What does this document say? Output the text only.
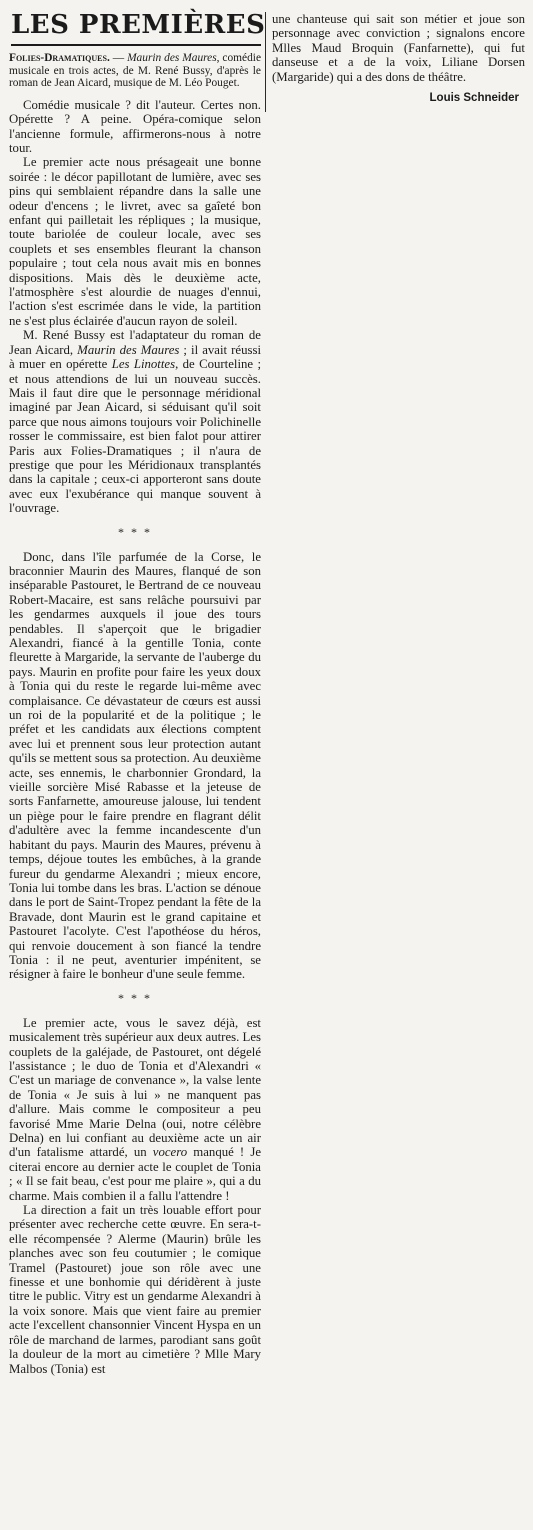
LES PREMIÈRES
Folies-Dramatiques. — Maurin des Maures, comédie musicale en trois actes, de M. René Bussy, d'après le roman de Jean Aicard, musique de M. Léo Pouget.

Comédie musicale ? dit l'auteur. Certes non. Opérette ? A peine. Opéra-comique selon l'ancienne formule, affirmerons-nous à notre tour.

Le premier acte nous présageait une bonne soirée : le décor papillotant de lumière, avec ses pins qui semblaient répandre dans la salle une odeur d'encens ; le livret, avec sa gaîeté bon enfant qui pailletait les répliques ; la musique, toute bariolée de couleur locale, avec ses couplets et ses ensembles fleurant la chanson populaire ; tout cela nous avait mis en bonnes dispositions. Mais dès le deuxième acte, l'atmosphère s'est alourdie de nuages d'ennui, l'action s'est escrimée dans le vide, la partition ne s'est plus éclairée d'aucun rayon de soleil.

M. René Bussy est l'adaptateur du roman de Jean Aicard, Maurin des Maures ; il avait réussi à muer en opérette Les Linottes, de Courteline ; et nous attendions de lui un nouveau succès. Mais il faut dire que le personnage méridional imaginé par Jean Aicard, si séduisant qu'il soit parce que nous aimons toujours voir Polichinelle rosser le commissaire, est bien falot pour attirer Paris aux Folies-Dramatiques ; il n'aura de prestige que pour les Méridionaux transplantés dans la capitale ; ceux-ci apporteront sans doute avec eux l'exubérance qui manque souvent à l'ouvrage.

* * *

Donc, dans l'île parfumée de la Corse, le braconnier Maurin des Maures, flanqué de son inséparable Pastouret, le Bertrand de ce nouveau Robert-Macaire, est sans relâche poursuivi par les gendarmes auxquels il joue des tours pendables. Il s'aperçoit que le brigadier Alexandri, fiancé à la gentille Tonia, conte fleurette à Margaride, la servante de l'auberge du pays. Maurin en profite pour faire les yeux doux à Tonia qui du reste le regarde lui-même avec complaisance. Ce dévastateur de cœurs est aussi un roi de la popularité et de la politique ; le préfet et les candidats aux élections comptent avec lui et prennent sous leur protection autant qu'ils se mettent sous sa protection. Au deuxième acte, ses ennemis, le charbonnier Grondard, la vieille sorcière Misé Rabasse et la jeteuse de sorts Fanfarnette, amoureuse jalouse, lui tendent un piège pour le faire prendre en flagrant délit d'adultère avec la femme incandescente d'un habitant du pays. Maurin des Maures, prévenu à temps, déjoue toutes les embûches, à la grande fureur du gendarme Alexandri ; mieux encore, Tonia lui tombe dans les bras. L'action se dénoue dans le port de Saint-Tropez pendant la fête de la Bravade, dont Maurin est le grand capitaine et Pastouret l'acolyte. C'est l'apothéose du héros, qui renvoie doucement à son fiancé la tendre Tonia : il ne peut, aventurier impénitent, se résigner à faire le bonheur d'une seule femme.

* * *

Le premier acte, vous le savez déjà, est musicalement très supérieur aux deux autres. Les couplets de la galéjade, de Pastouret, ont dégelé l'assistance ; le duo de Tonia et d'Alexandri « C'est un mariage de convenance », la valse lente de Tonia « Je suis à lui » ne manquent pas d'allure. Mais comme le compositeur a peu favorisé Mme Marie Delna (oui, notre célèbre Delna) en lui confiant au deuxième acte un air d'un fatalisme attardé, un vocero manqué ! Je citerai encore au dernier acte le couplet de Tonia ; « Il se fait beau, c'est pour me plaire », qui a du charme. Mais combien il a fallu l'attendre !

La direction a fait un très louable effort pour présenter avec recherche cette œuvre. En sera-t-elle récompensée ? Alerme (Maurin) brûle les planches avec son feu coutumier ; le comique Tramel (Pastouret) joue son rôle avec une finesse et une bonhomie qui déridèrent à juste titre le public. Vitry est un gendarme Alexandri à la voix sonore. Mais que vient faire au premier acte l'excellent chansonnier Vincent Hyspa en un rôle de marchand de larmes, parodiant sans goût la douleur de la mort au cimetière ? Mlle Mary Malbos (Tonia) est

une chanteuse qui sait son métier et joue son personnage avec conviction ; signalons encore Mlles Maud Broquin (Fanfarnette), qui fut danseuse et a de la voix, Liliane Dorsen (Margaride) qui a des dons de théâtre.

Louis Schneider
